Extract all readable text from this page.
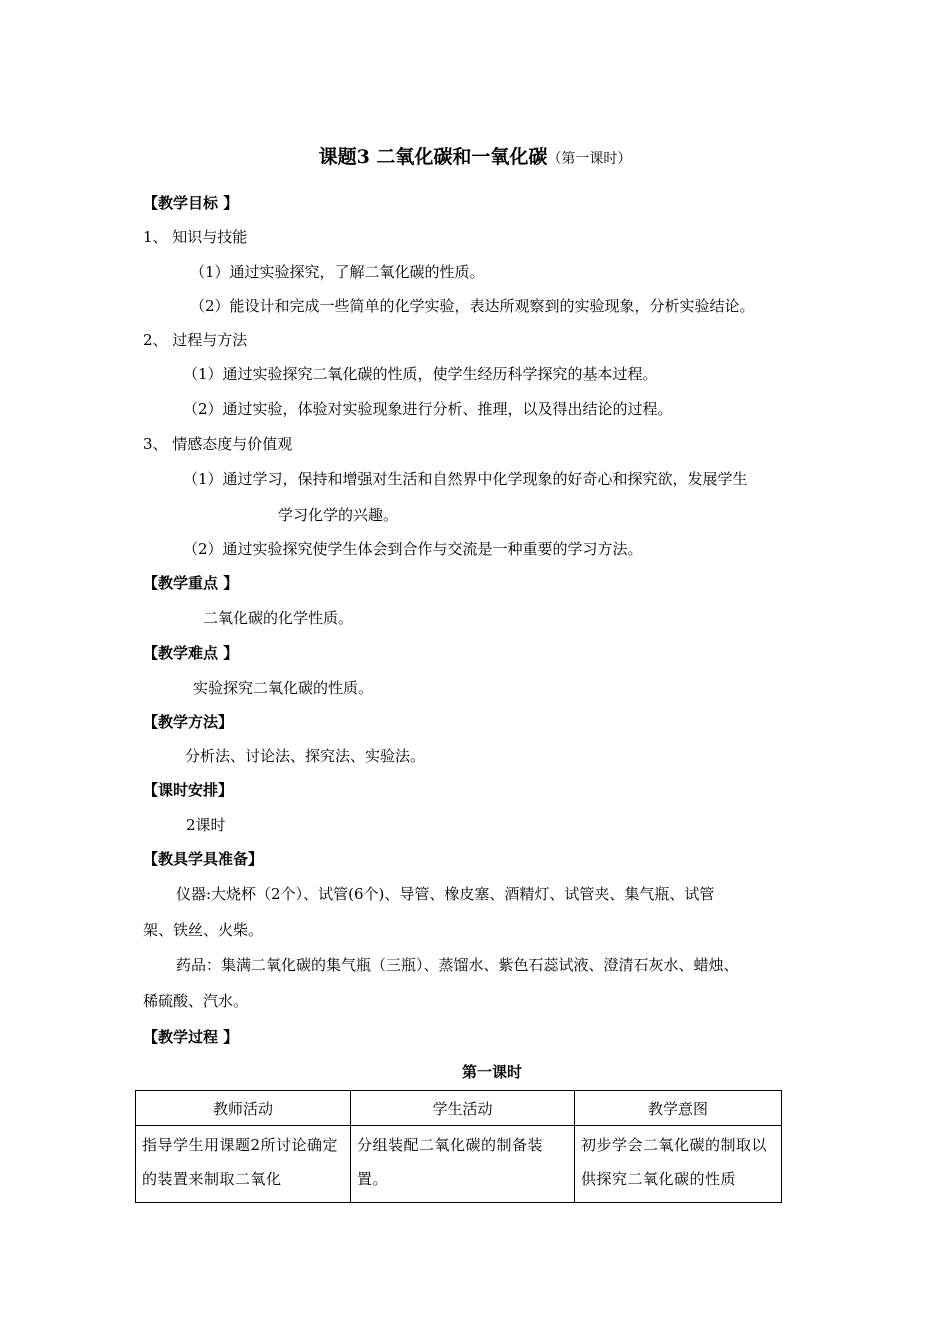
课题3 二氧化碳和一氧化碳（第一课时）
【教学目标 】
1、 知识与技能
（1）通过实验探究，了解二氧化碳的性质。
（2）能设计和完成一些简单的化学实验，表达所观察到的实验现象，分析实验结论。
2、 过程与方法
（1）通过实验探究二氧化碳的性质，使学生经历科学探究的基本过程。
（2）通过实验，体验对实验现象进行分析、推理，以及得出结论的过程。
3、 情感态度与价值观
（1）通过学习，保持和增强对生活和自然界中化学现象的好奇心和探究欲，发展学生
学习化学的兴趣。
（2）通过实验探究使学生体会到合作与交流是一种重要的学习方法。
【教学重点 】
二氧化碳的化学性质。
【教学难点 】
实验探究二氧化碳的性质。
【教学方法】
分析法、讨论法、探究法、实验法。
【课时安排】
2课时
【教具学具准备】
仪器:大烧杯（2个）、试管(6个)、导管、橡皮塞、酒精灯、试管夹、集气瓶、试管
架、铁丝、火柴。
药品：集满二氧化碳的集气瓶（三瓶）、蒸馏水、紫色石蕊试液、澄清石灰水、蜡烛、
稀硫酸、汽水。
【教学过程 】
第一课时
教师活动	学生活动	教学意图
指导学生用课题2所讨论确定的装置来制取二氧化	分组装配二氧化碳的制备装置。	初步学会二氧化碳的制取以供探究二氧化碳的性质
